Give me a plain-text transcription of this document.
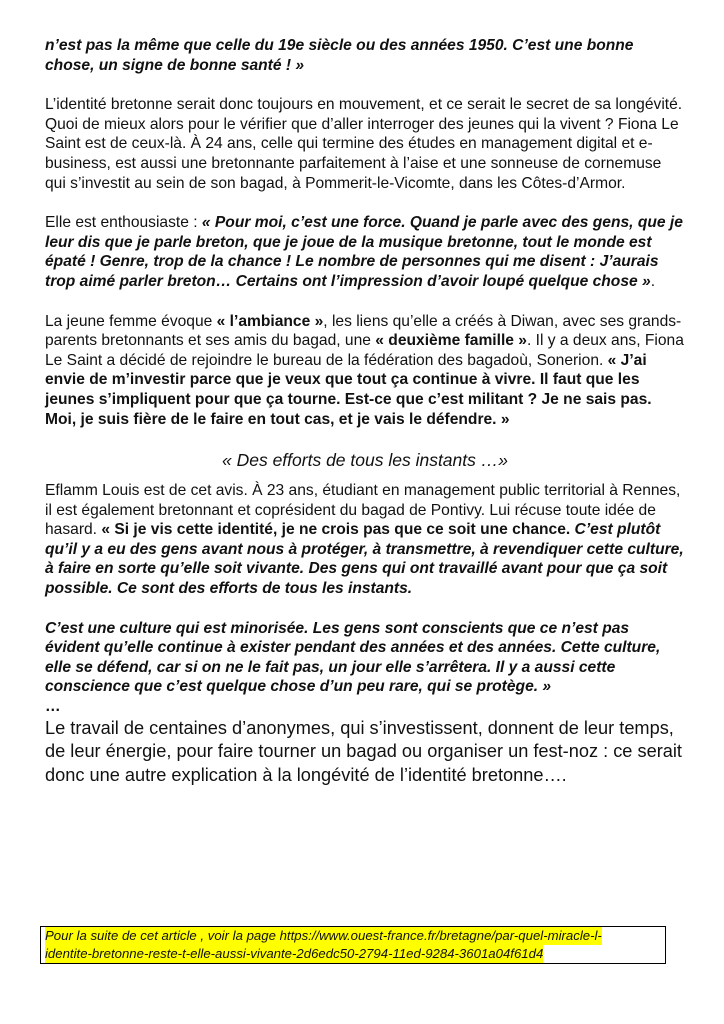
n’est pas la même que celle du 19e siècle ou des années 1950. C’est une bonne chose, un signe de bonne santé ! »

L’identité bretonne serait donc toujours en mouvement, et ce serait le secret de sa longévité. Quoi de mieux alors pour le vérifier que d’aller interroger des jeunes qui la vivent ? Fiona Le Saint est de ceux-là. À 24 ans, celle qui termine des études en management digital et e-business, est aussi une bretonnante parfaitement à l’aise et une sonneuse de cornemuse qui s’investit au sein de son bagad, à Pommerit-le-Vicomte, dans les Côtes-d’Armor.

Elle est enthousiaste : « Pour moi, c’est une force. Quand je parle avec des gens, que je leur dis que je parle breton, que je joue de la musique bretonne, tout le monde est épaté ! Genre, trop de la chance ! Le nombre de personnes qui me disent : J’aurais trop aimé parler breton… Certains ont l’impression d’avoir loupé quelque chose ».

La jeune femme évoque « l’ambiance », les liens qu’elle a créés à Diwan, avec ses grands-parents bretonnants et ses amis du bagad, une « deuxième famille ». Il y a deux ans, Fiona Le Saint a décidé de rejoindre le bureau de la fédération des bagadoù, Sonerion. « J’ai envie de m’investir parce que je veux que tout ça continue à vivre. Il faut que les jeunes s’impliquent pour que ça tourne. Est-ce que c’est militant ? Je ne sais pas. Moi, je suis fière de le faire en tout cas, et je vais le défendre. »

« Des efforts de tous les instants …»

Eflamm Louis est de cet avis. À 23 ans, étudiant en management public territorial à Rennes, il est également bretonnant et coprésident du bagad de Pontivy. Lui récuse toute idée de hasard. « Si je vis cette identité, je ne crois pas que ce soit une chance. C’est plutôt qu’il y a eu des gens avant nous à protéger, à transmettre, à revendiquer cette culture, à faire en sorte qu’elle soit vivante. Des gens qui ont travaillé avant pour que ça soit possible. Ce sont des efforts de tous les instants.

C’est une culture qui est minorisée. Les gens sont conscients que ce n’est pas évident qu’elle continue à exister pendant des années et des années. Cette culture, elle se défend, car si on ne le fait pas, un jour elle s’arrêtera. Il y a aussi cette conscience que c’est quelque chose d’un peu rare, qui se protège. »

…

Le travail de centaines d’anonymes, qui s’investissent, donnent de leur temps, de leur énergie, pour faire tourner un bagad ou organiser un fest-noz : ce serait donc une autre explication à la longévité de l’identité bretonne….

Pour la suite de cet article , voir la page https://www.ouest-france.fr/bretagne/par-quel-miracle-l-
identite-bretonne-reste-t-elle-aussi-vivante-2d6edc50-2794-11ed-9284-3601a04f61d4
